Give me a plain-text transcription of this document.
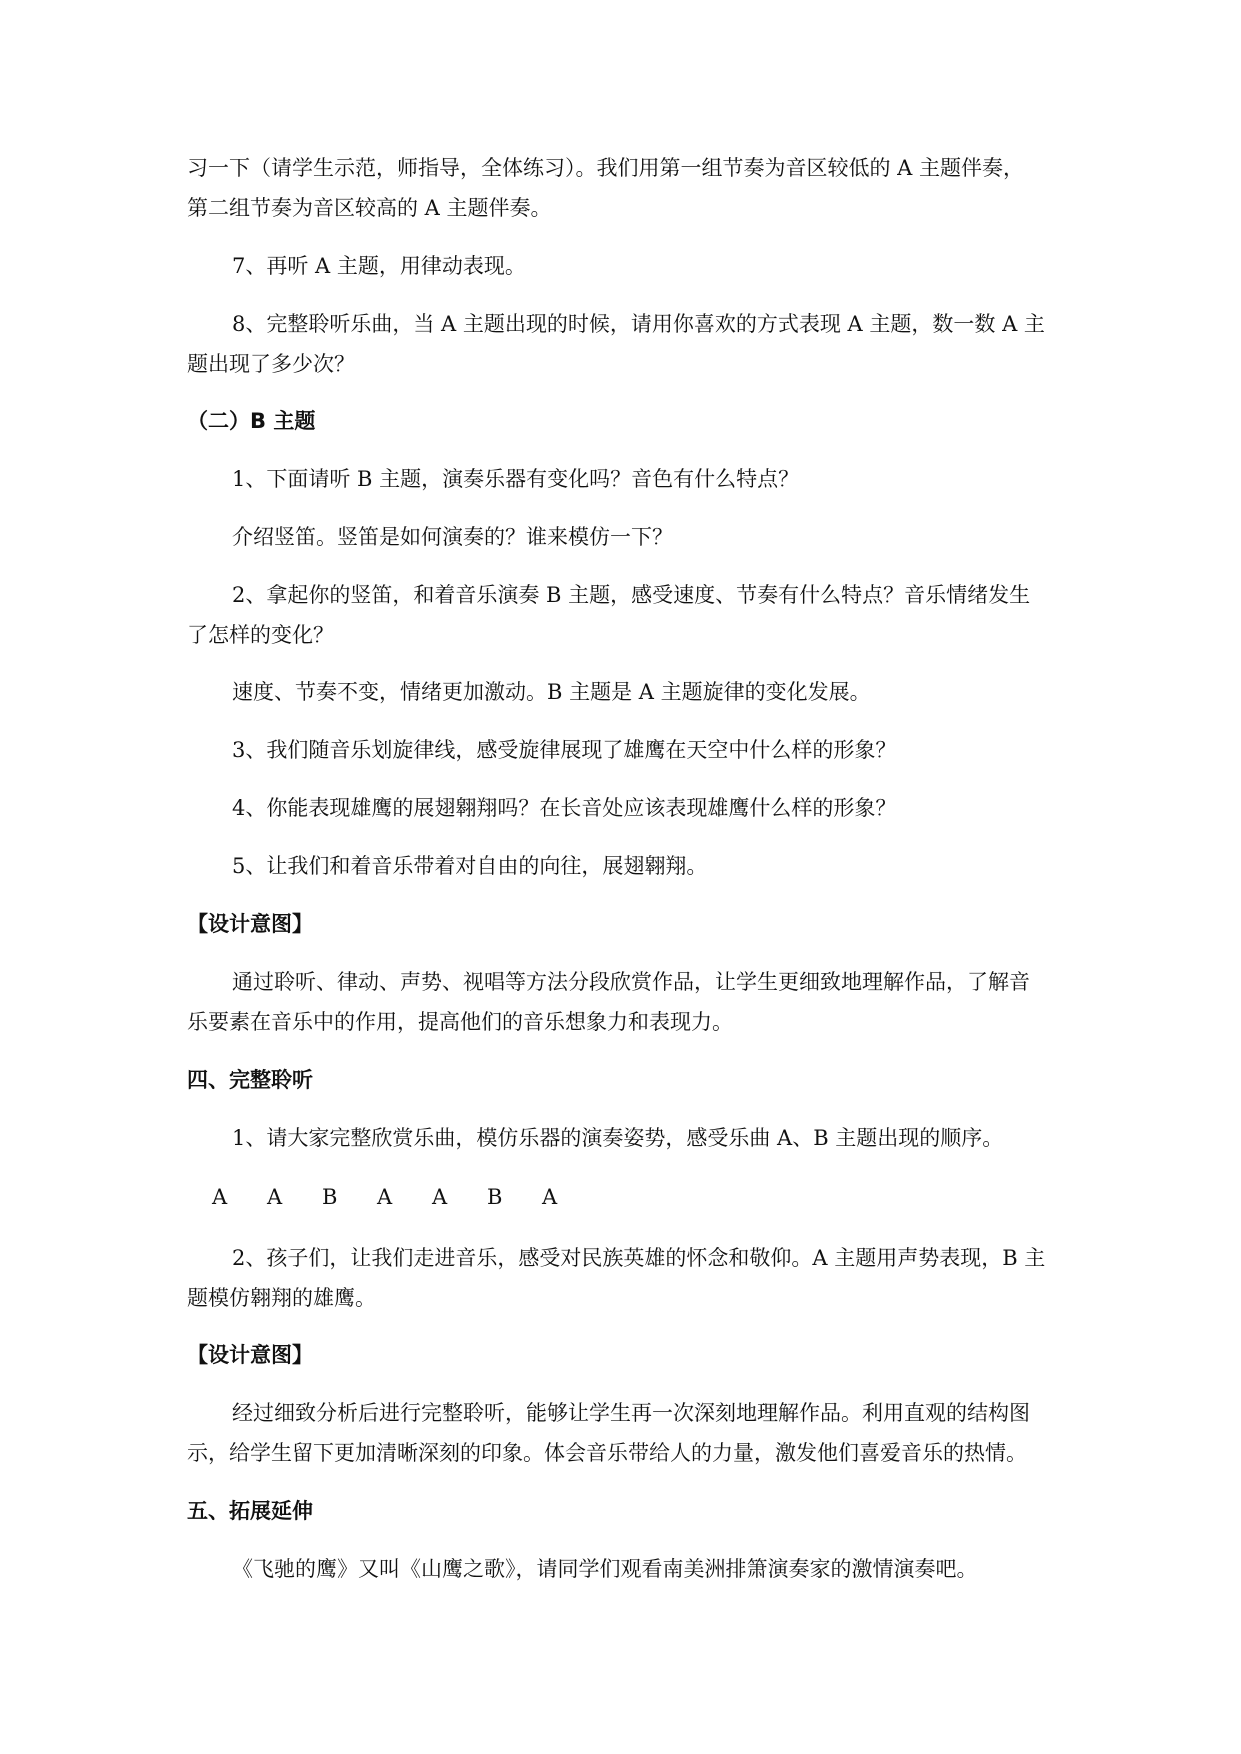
习一下（请学生示范，师指导，全体练习）。我们用第一组节奏为音区较低的 A 主题伴奏，
第二组节奏为音区较高的 A 主题伴奏。
7、再听 A 主题，用律动表现。
8、完整聆听乐曲，当 A 主题出现的时候，请用你喜欢的方式表现 A 主题，数一数 A 主
题出现了多少次？
（二）B 主题
1、下面请听 B 主题，演奏乐器有变化吗？音色有什么特点？
介绍竖笛。竖笛是如何演奏的？谁来模仿一下？
2、拿起你的竖笛，和着音乐演奏 B 主题，感受速度、节奏有什么特点？音乐情绪发生
了怎样的变化？
速度、节奏不变，情绪更加激动。B 主题是 A 主题旋律的变化发展。
3、我们随音乐划旋律线，感受旋律展现了雄鹰在天空中什么样的形象？
4、你能表现雄鹰的展翅翱翔吗？在长音处应该表现雄鹰什么样的形象？
5、让我们和着音乐带着对自由的向往，展翅翱翔。
【设计意图】
通过聆听、律动、声势、视唱等方法分段欣赏作品，让学生更细致地理解作品，了解音
乐要素在音乐中的作用，提高他们的音乐想象力和表现力。
四、完整聆听
1、请大家完整欣赏乐曲，模仿乐器的演奏姿势，感受乐曲 A、B 主题出现的顺序。
A A B A A B A
2、孩子们，让我们走进音乐，感受对民族英雄的怀念和敬仰。A 主题用声势表现，B 主
题模仿翱翔的雄鹰。
【设计意图】
经过细致分析后进行完整聆听，能够让学生再一次深刻地理解作品。利用直观的结构图
示，给学生留下更加清晰深刻的印象。体会音乐带给人的力量，激发他们喜爱音乐的热情。
五、拓展延伸
《飞驰的鹰》又叫《山鹰之歌》，请同学们观看南美洲排箫演奏家的激情演奏吧。
